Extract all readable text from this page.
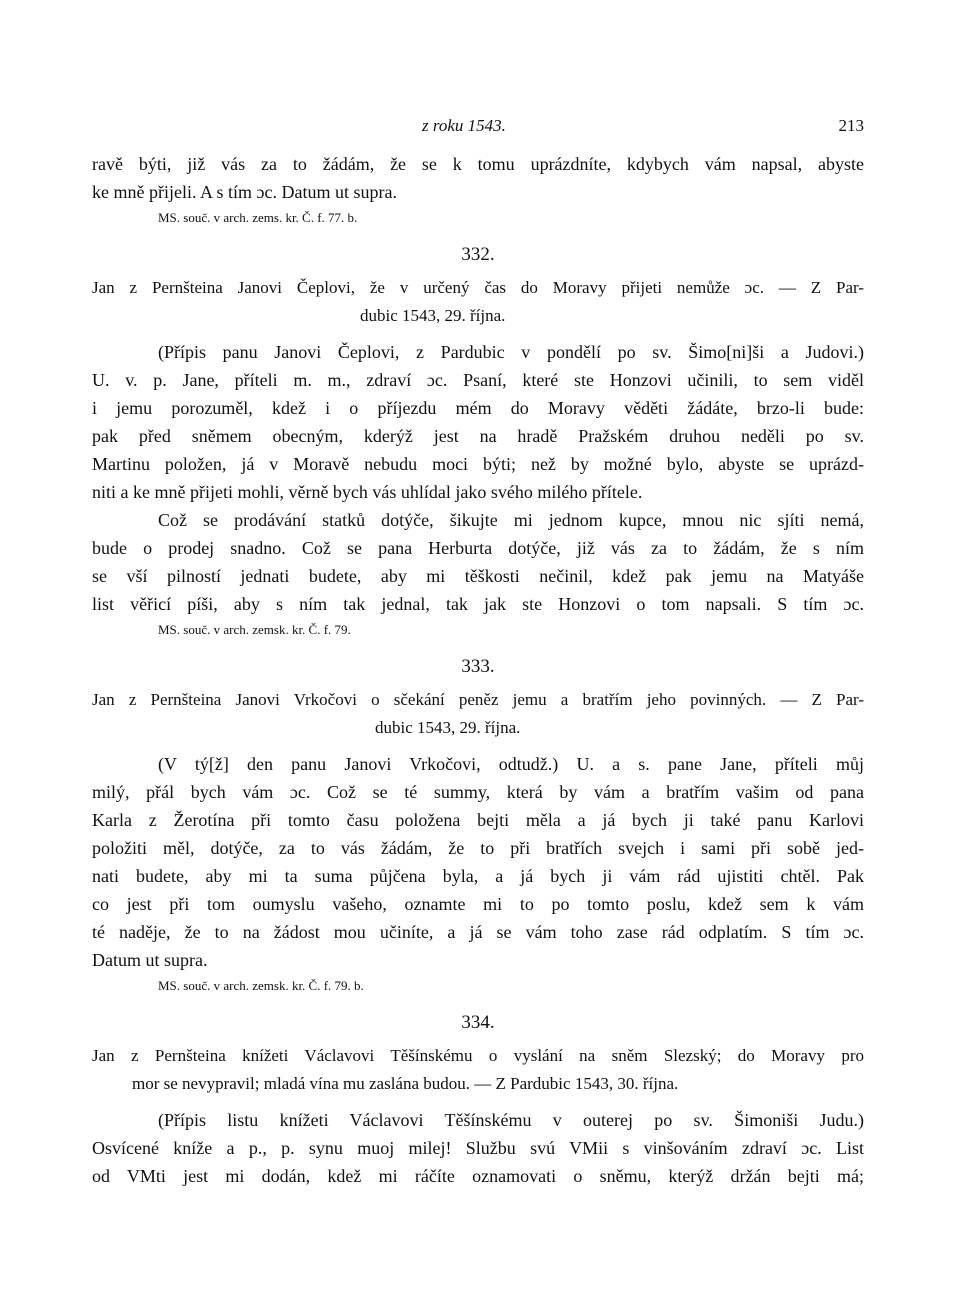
z roku 1543.	213
ravě býti, již vás za to žádám, že se k tomu uprázdníte, kdybych vám napsal, abyste
ke mně přijeli. A s tím ɔc. Datum ut supra.
MS. souč. v arch. zems. kr. Č. f. 77. b.
332.
Jan z Pernšteina Janovi Čeplovi, že v určený čas do Moravy přijeti nemůže ɔc. — Z Par-
dubic 1543, 29. října.
(Přípis panu Janovi Čeplovi, z Pardubic v pondělí po sv. Šimo[ni]ši a Judovi.)
U. v. p. Jane, příteli m. m., zdraví ɔc. Psaní, které ste Honzovi učinili, to sem viděl
i jemu porozuměl, kdež i o příjezdu mém do Moravy věděti žádáte, brzo-li bude:
pak před sněmem obecným, kderýž jest na hradě Pražském druhou neděli po sv.
Martinu položen, já v Moravě nebudu moci býti; než by možné bylo, abyste se uprázd-
niti a ke mně přijeti mohli, věrně bych vás uhlídal jako svého milého přítele.
Což se prodávání statků dotýče, šikujte mi jednom kupce, mnou nic sjíti nemá,
bude o prodej snadno. Což se pana Herburta dotýče, již vás za to žádám, že s ním
se vší pilností jednati budete, aby mi těškosti nečinil, kdež pak jemu na Matyáše
list věřicí píši, aby s ním tak jednal, tak jak ste Honzovi o tom napsali. S tím ɔc.
MS. souč. v arch. zemsk. kr. Č. f. 79.
333.
Jan z Pernšteina Janovi Vrkočovi o sčekání peněz jemu a bratřím jeho povinných. — Z Par-
dubic 1543, 29. října.
(V tý[ž] den panu Janovi Vrkočovi, odtudž.) U. a s. pane Jane, příteli můj
milý, přál bych vám ɔc. Což se té summy, která by vám a bratřím vašim od pana
Karla z Žerotína při tomto času položena bejti měla a já bych ji také panu Karlovi
položiti měl, dotýče, za to vás žádám, že to při bratřích svejch i sami při sobě jed-
nati budete, aby mi ta suma půjčena byla, a já bych ji vám rád ujistiti chtěl. Pak
co jest při tom oumyslu vašeho, oznamte mi to po tomto poslu, kdež sem k vám
té naděje, že to na žádost mou učiníte, a já se vám toho zase rád odplatím. S tím ɔc.
Datum ut supra.
MS. souč. v arch. zemsk. kr. Č. f. 79. b.
334.
Jan z Pernšteina knížeti Václavovi Těšínskému o vyslání na sněm Slezský; do Moravy pro
mor se nevypravil; mladá vína mu zaslána budou. — Z Pardubic 1543, 30. října.
(Přípis listu knížeti Václavovi Těšínskému v outerej po sv. Šimoniši Judu.)
Osvícené kníže a p., p. synu muoj milej! Službu svú VMii s vinšováním zdraví ɔc. List
od VMti jest mi dodán, kdež mi ráčíte oznamovati o sněmu, kterýž držán bejti má;
